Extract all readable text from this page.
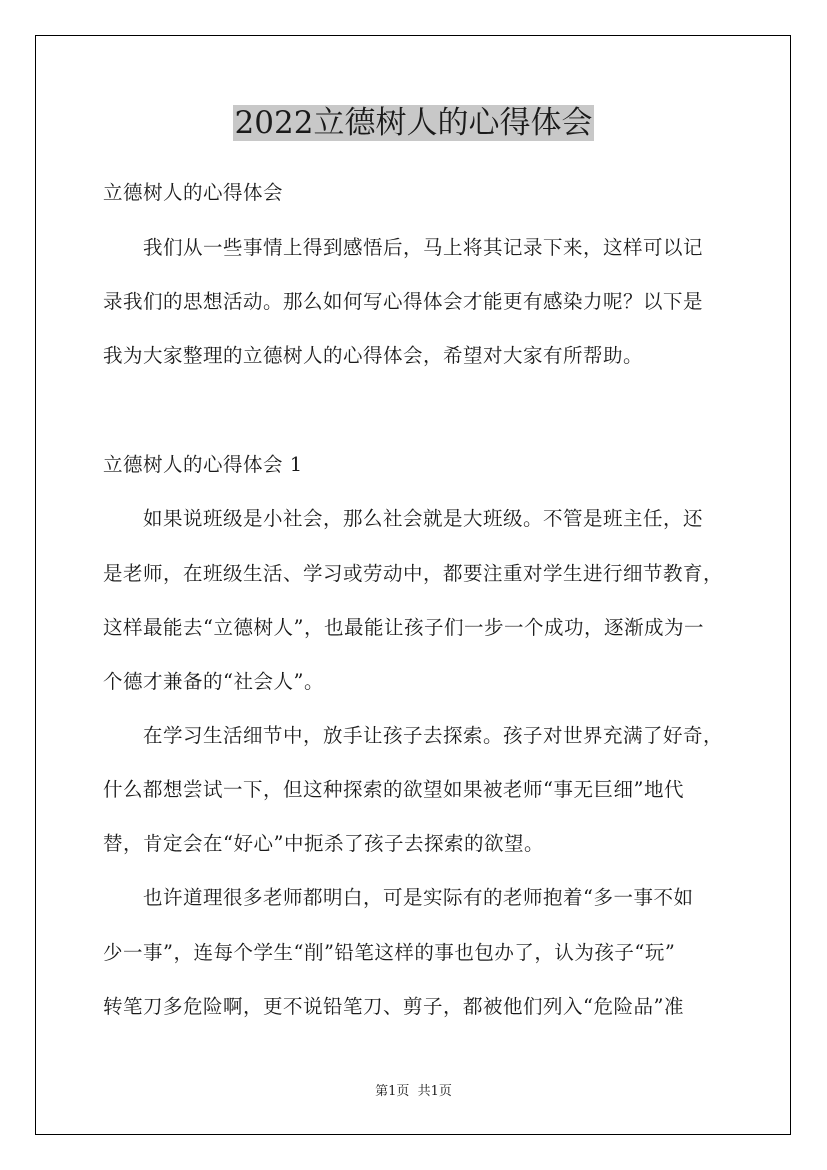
2022立德树人的心得体会
立德树人的心得体会
我们从一些事情上得到感悟后，马上将其记录下来，这样可以记
录我们的思想活动。那么如何写心得体会才能更有感染力呢？以下是
我为大家整理的立德树人的心得体会，希望对大家有所帮助。
立德树人的心得体会 1
如果说班级是小社会，那么社会就是大班级。不管是班主任，还
是老师，在班级生活、学习或劳动中，都要注重对学生进行细节教育，
这样最能去“立德树人”，也最能让孩子们一步一个成功，逐渐成为一
个德才兼备的“社会人”。
在学习生活细节中，放手让孩子去探索。孩子对世界充满了好奇，
什么都想尝试一下，但这种探索的欲望如果被老师“事无巨细”地代
替，肯定会在“好心”中扼杀了孩子去探索的欲望。
也许道理很多老师都明白，可是实际有的老师抱着“多一事不如
少一事”，连每个学生“削”铅笔这样的事也包办了，认为孩子“玩”
转笔刀多危险啊，更不说铅笔刀、剪子，都被他们列入“危险品”准
第1页  共1页
